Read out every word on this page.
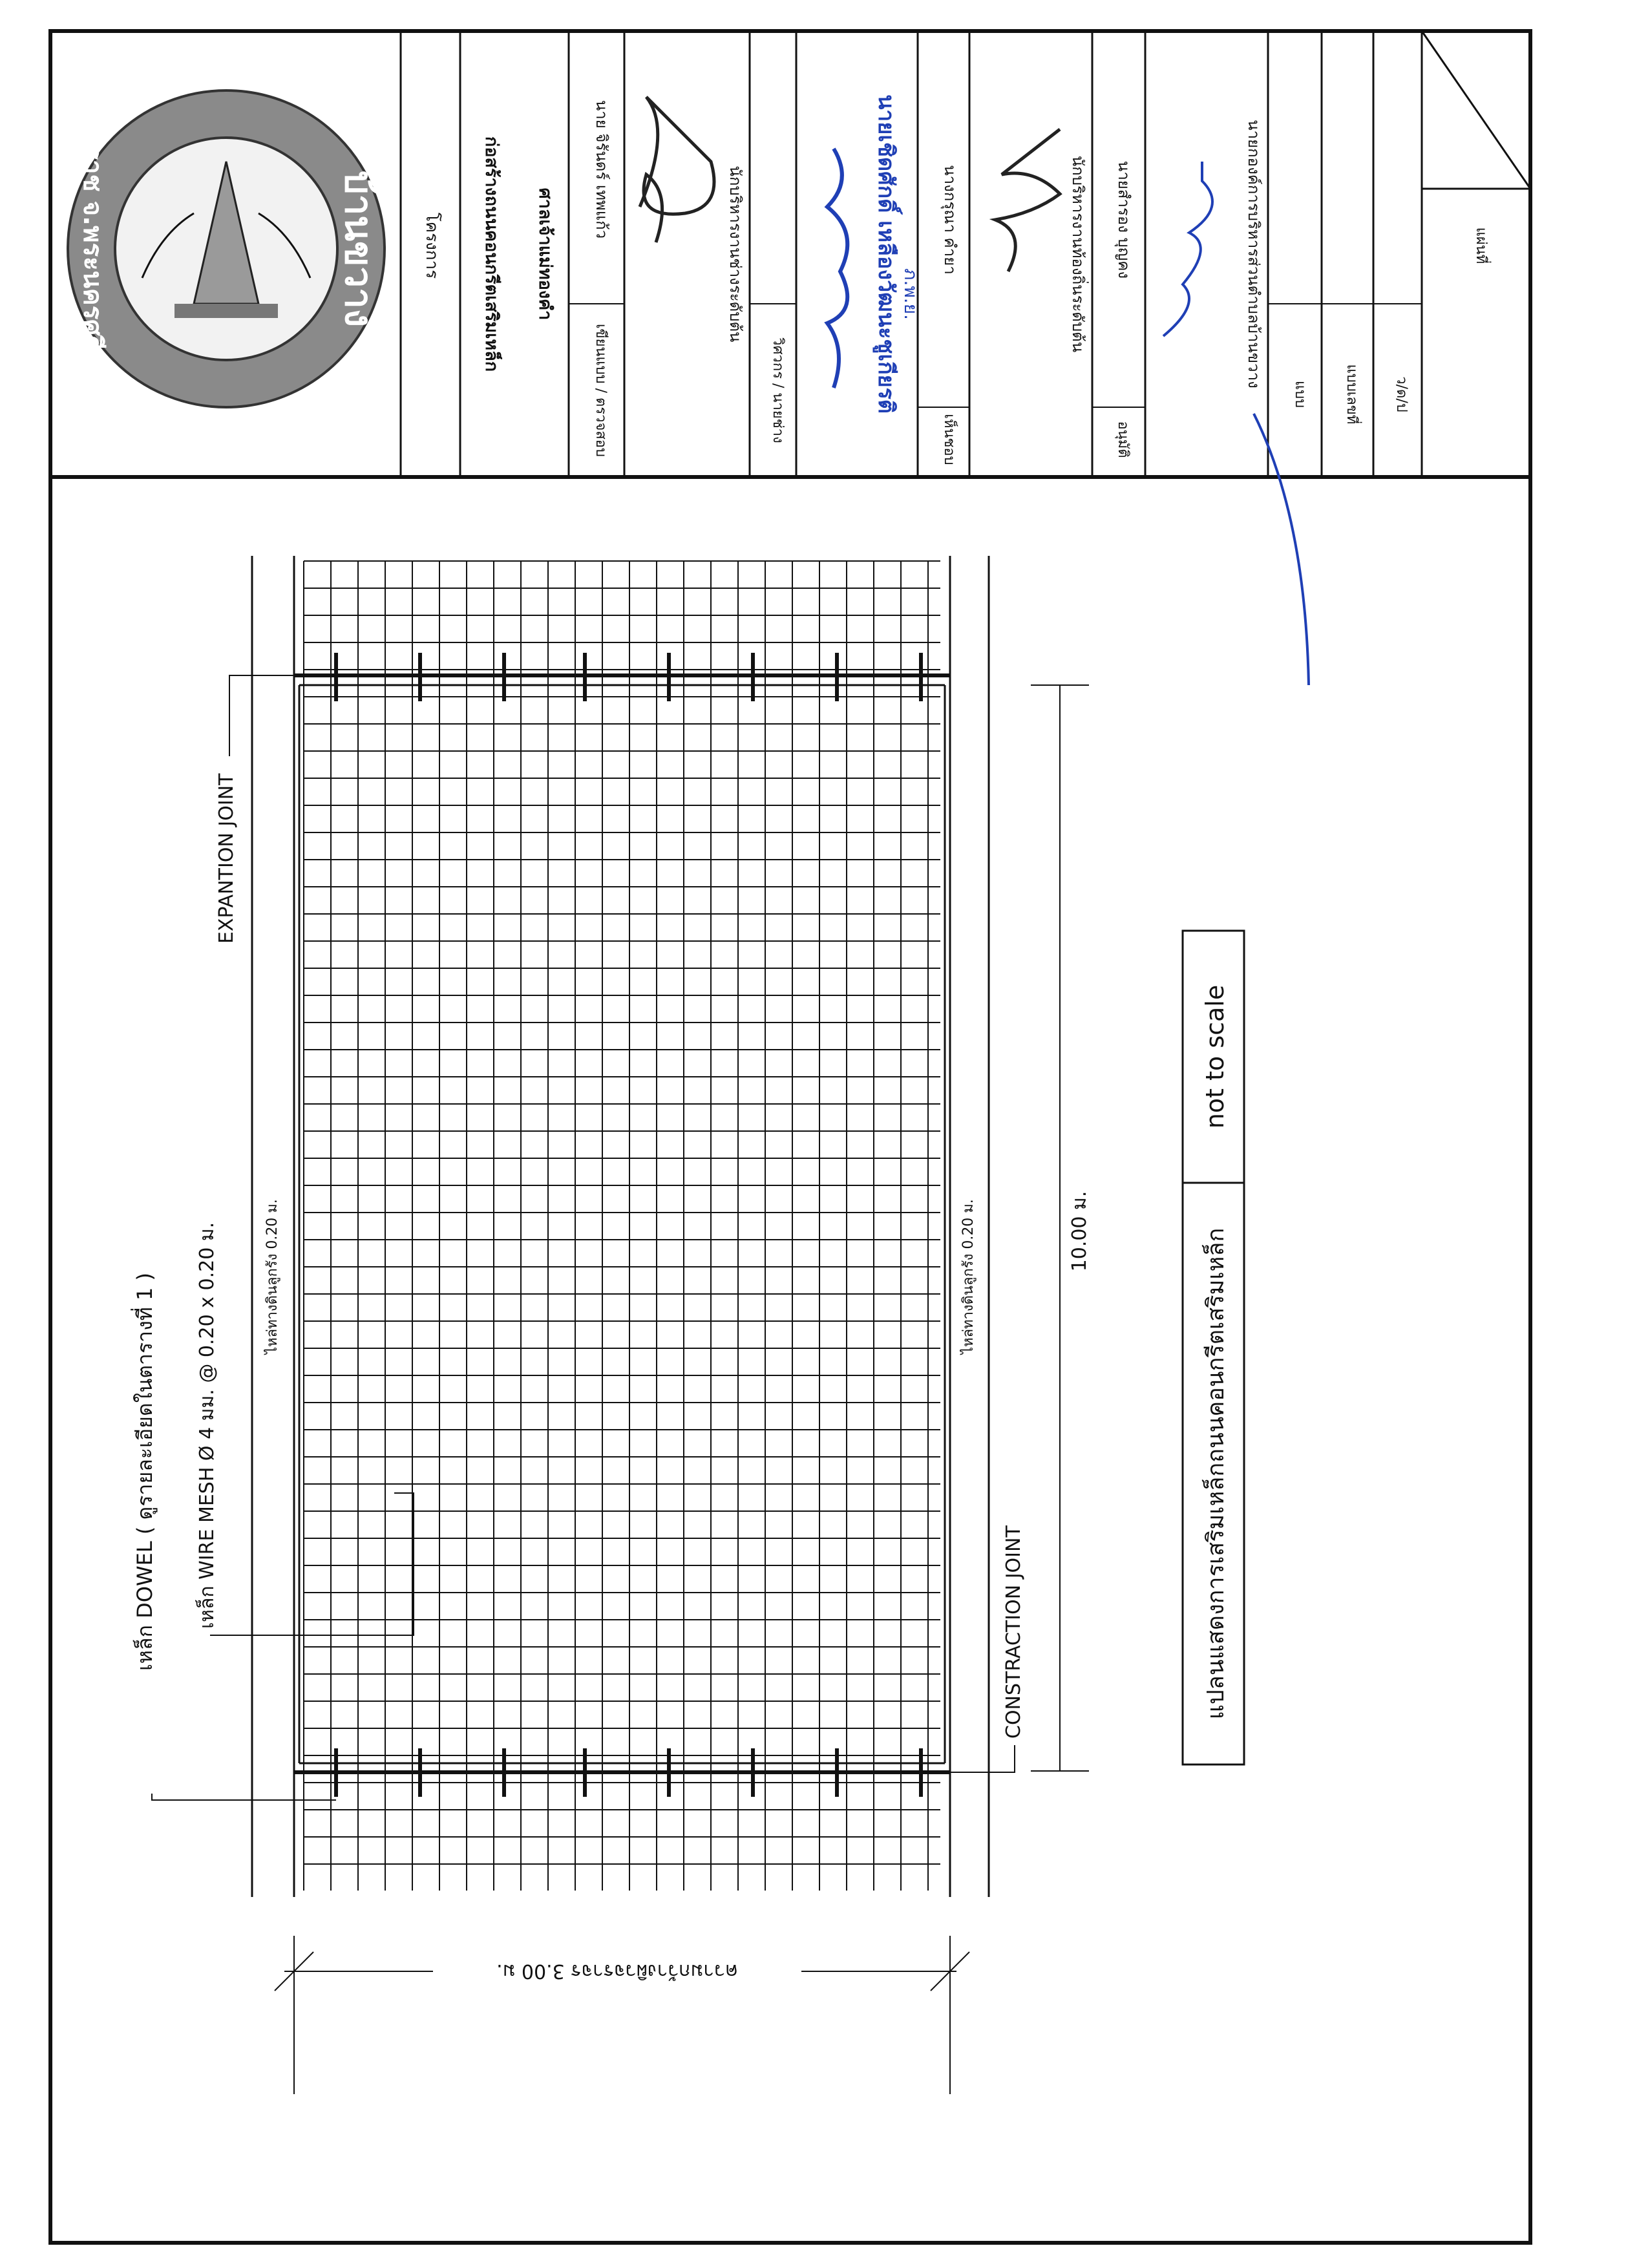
บ้านขวาง
อ.มหาราช จ.พระนครศรีอยุธยา	โครงการ ก่อสร้างถนนคอนกรีตเสริมเหล็ก ศาลเจ้าแม่ทองคำ
เขียนแบบ / ตรวจสอบ
นาย จิรันดร์ เทพแก้ว	นักบริหารงานช่างระดับต้น
วิศวกร / นายช่าง	นายเชิดศักดิ์ เหลืองวัฒนะชูเกียรติ ภ.พ.ย.
เห็นชอบ
นางกรุณา คำยา	นักบริหารงานท้องถิ่นระดับต้น
อนุมัติ
นายสำรอง บุญคง	นายกองค์การบริหารส่วนตำบลบ้านขวาง
แบบ	แบบเลขที่ ว/ด/ป
แผ่นที่
เหล็ก DOWEL ( ดูรายละเอียดในตารางที่ 1 ) เหล็ก WIRE MESH Ø 4 มม. @ 0.20 x 0.20 ม.	ไหล่ทางดินลูกรัง 0.20 ม.	ไหล่ทางดินลูกรัง 0.20 ม.
EXPANTION JOINT
CONSTRACTION JOINT
10.00 ม.
ความกว้างผิวจราจร 3.00 ม.
แปลนแสดงการเสริมเหล็กถนนคอนกรีตเสริมเหล็ก
not to scale
